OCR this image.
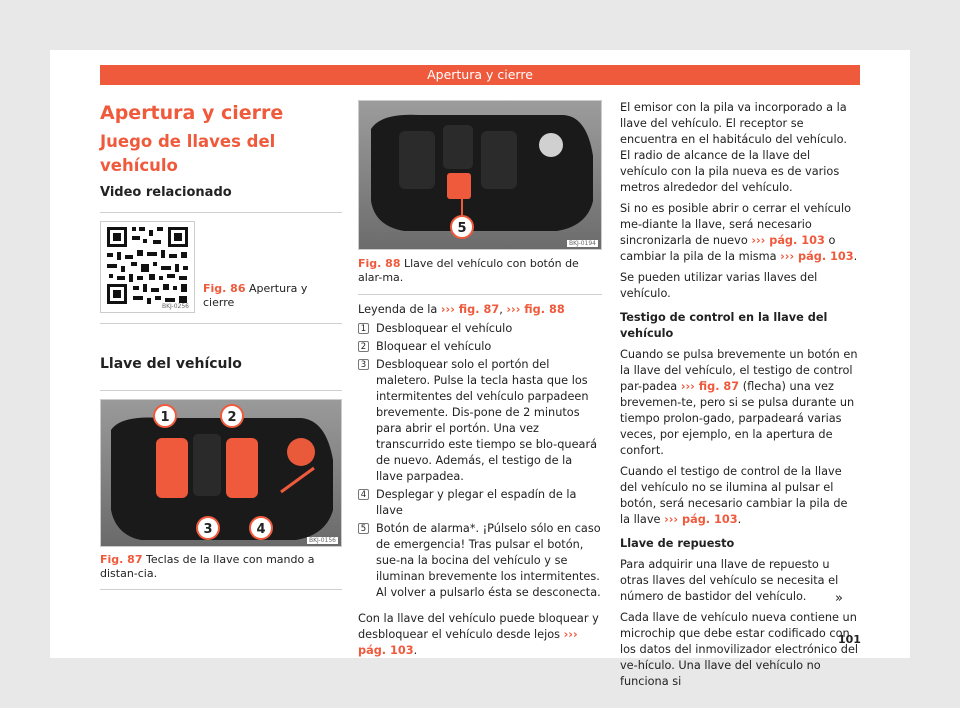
Apertura y cierre
Apertura y cierre
Juego de llaves del vehículo
Video relacionado
BKJ-0256
Fig. 86 Apertura y cierre
Llave del vehículo
1	2
3	4
BKJ-0156
Fig. 87 Teclas de la llave con mando a distan-cia.
5
BKJ-0194
Fig. 88 Llave del vehículo con botón de alar-ma.
Leyenda de la ››› fig. 87, ››› fig. 88
1 Desbloquear el vehículo
2 Bloquear el vehículo
3 Desbloquear solo el portón del maletero. Pulse la tecla hasta que los intermitentes del vehículo parpadeen brevemente. Dis-pone de 2 minutos para abrir el portón. Una vez transcurrido este tiempo se blo-queará de nuevo. Además, el testigo de la llave parpadea.
4 Desplegar y plegar el espadín de la llave
5 Botón de alarma*. ¡Púlselo sólo en caso de emergencia! Tras pulsar el botón, sue-na la bocina del vehículo y se iluminan brevemente los intermitentes. Al volver a pulsarlo ésta se desconecta.
Con la llave del vehículo puede bloquear y desbloquear el vehículo desde lejos ››› pág. 103.

El emisor con la pila va incorporado a la llave del vehículo. El receptor se encuentra en el habitáculo del vehículo. El radio de alcance de la llave del vehículo con la pila nueva es de varios metros alrededor del vehículo.

Si no es posible abrir o cerrar el vehículo me-diante la llave, será necesario sincronizarla de nuevo ››› pág. 103 o cambiar la pila de la misma ››› pág. 103.

Se pueden utilizar varias llaves del vehículo.

Testigo de control en la llave del vehículo

Cuando se pulsa brevemente un botón en la llave del vehículo, el testigo de control par-padea ››› fig. 87 (flecha) una vez brevemen-te, pero si se pulsa durante un tiempo prolon-gado, parpadeará varias veces, por ejemplo, en la apertura de confort.

Cuando el testigo de control de la llave del vehículo no se ilumina al pulsar el botón, será necesario cambiar la pila de la llave ››› pág. 103.

Llave de repuesto

Para adquirir una llave de repuesto u otras llaves del vehículo se necesita el número de bastidor del vehículo.

Cada llave de vehículo nueva contiene un microchip que debe estar codificado con los datos del inmovilizador electrónico del ve-hículo. Una llave del vehículo no funciona si

»
101
